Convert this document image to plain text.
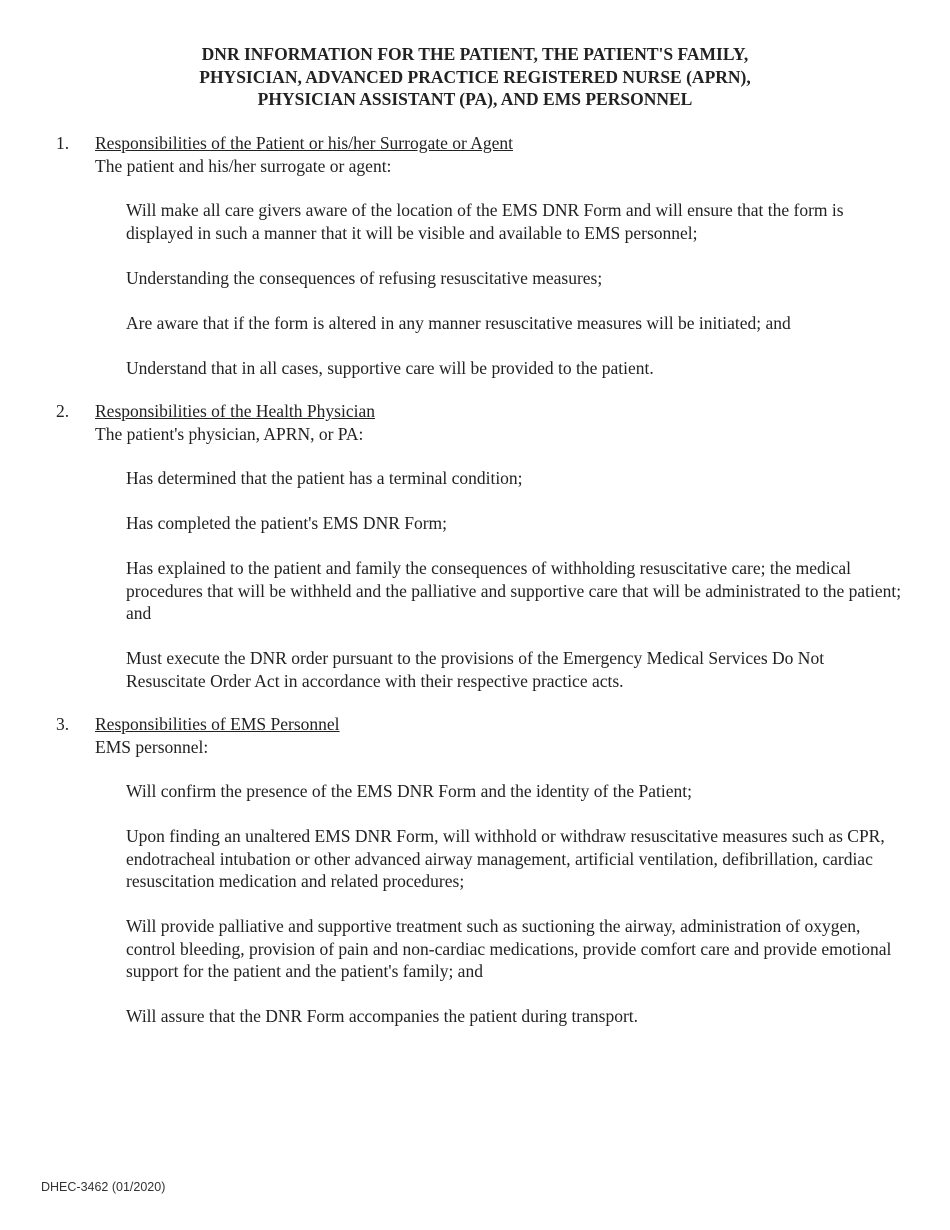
DNR INFORMATION FOR THE PATIENT, THE PATIENT'S FAMILY,
PHYSICIAN, ADVANCED PRACTICE REGISTERED NURSE (APRN),
PHYSICIAN ASSISTANT (PA), AND EMS PERSONNEL
1. Responsibilities of the Patient or his/her Surrogate or Agent
The patient and his/her surrogate or agent:

Will make all care givers aware of the location of the EMS DNR Form and will ensure that the form is displayed in such a manner that it will be visible and available to EMS personnel;

Understanding the consequences of refusing resuscitative measures;

Are aware that if the form is altered in any manner resuscitative measures will be initiated; and

Understand that in all cases, supportive care will be provided to the patient.

2. Responsibilities of the Health Physician
The patient's physician, APRN, or PA:

Has determined that the patient has a terminal condition;

Has completed the patient's EMS DNR Form;

Has explained to the patient and family the consequences of withholding resuscitative care; the medical procedures that will be withheld and the palliative and supportive care that will be administrated to the patient; and

Must execute the DNR order pursuant to the provisions of the Emergency Medical Services Do Not Resuscitate Order Act in accordance with their respective practice acts.

3. Responsibilities of EMS Personnel
EMS personnel:

Will confirm the presence of the EMS DNR Form and the identity of the Patient;

Upon finding an unaltered EMS DNR Form, will withhold or withdraw resuscitative measures such as CPR, endotracheal intubation or other advanced airway management, artificial ventilation, defibrillation, cardiac resuscitation medication and related procedures;

Will provide palliative and supportive treatment such as suctioning the airway, administration of oxygen, control bleeding, provision of pain and non-cardiac medications, provide comfort care and provide emotional support for the patient and the patient's family; and

Will assure that the DNR Form accompanies the patient during transport.

DHEC-3462 (01/2020)
